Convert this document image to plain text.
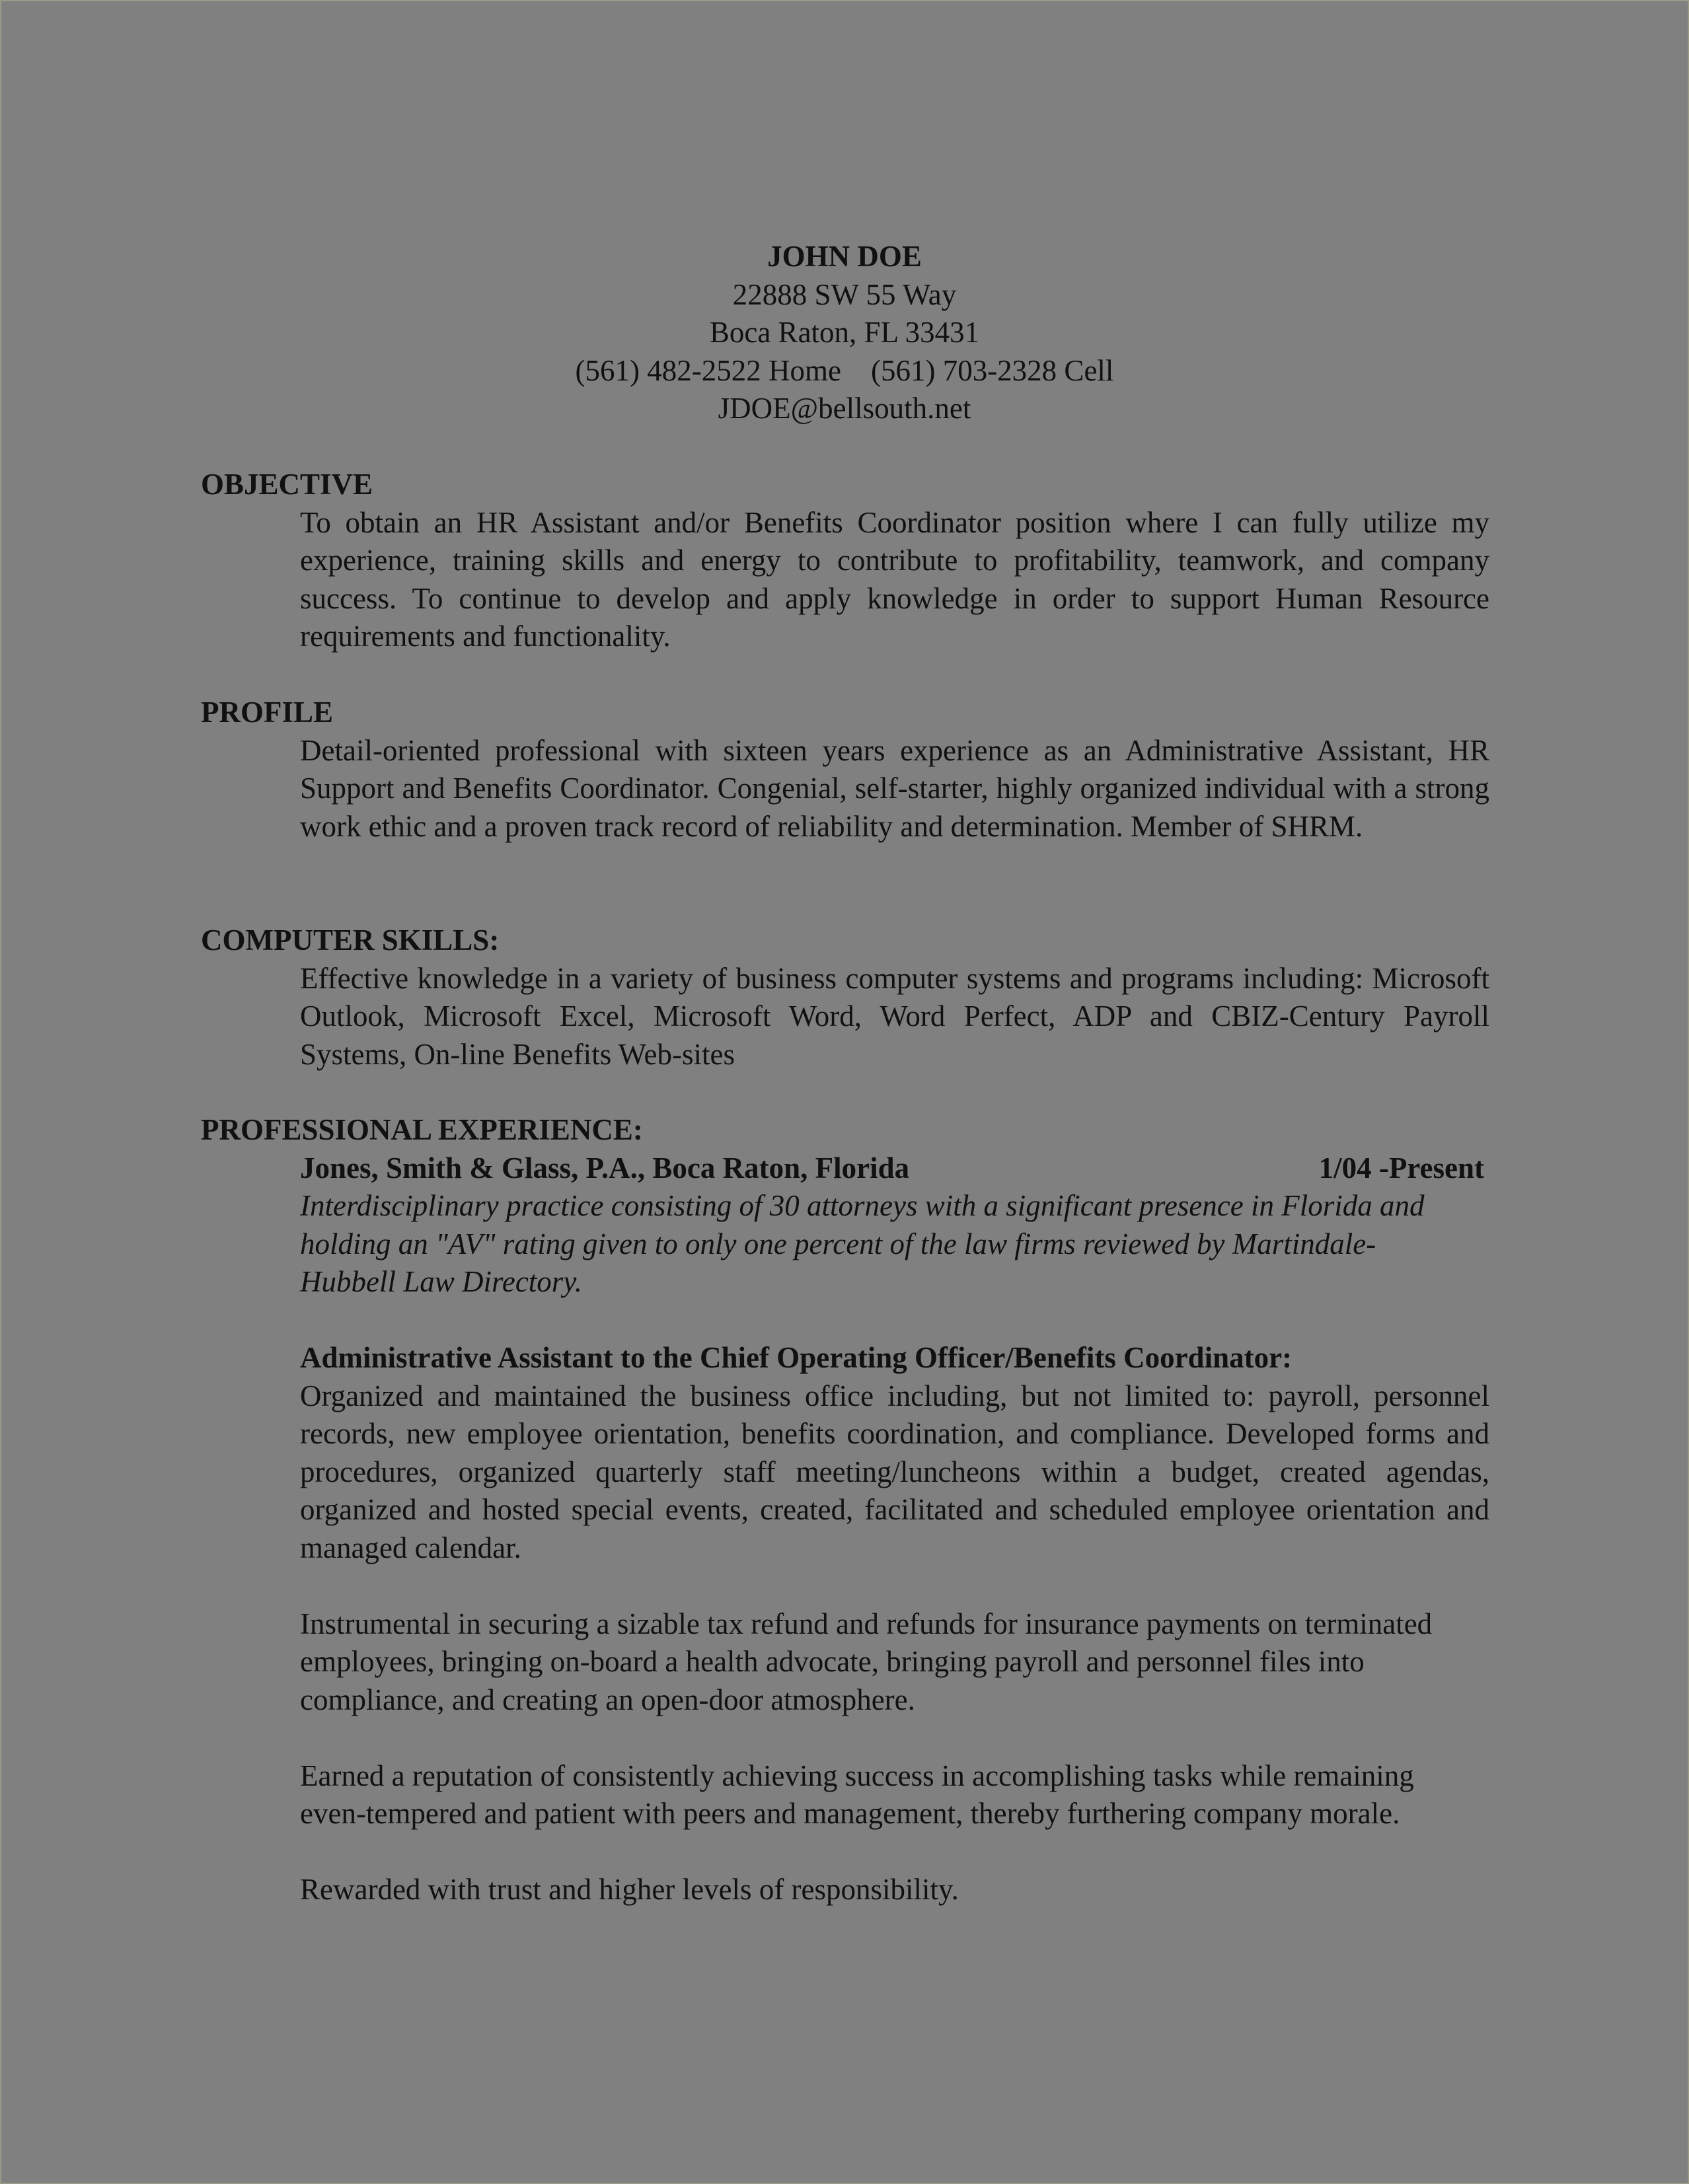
JOHN DOE
22888 SW 55 Way
Boca Raton, FL 33431
(561) 482-2522 Home    (561) 703-2328 Cell
JDOE@bellsouth.net
OBJECTIVE
To obtain an HR Assistant and/or Benefits Coordinator position where I can fully utilize my experience, training skills and energy to contribute to profitability, teamwork, and company success. To continue to develop and apply knowledge in order to support Human Resource requirements and functionality.
PROFILE
Detail-oriented professional with sixteen years experience as an Administrative Assistant, HR Support and Benefits Coordinator. Congenial, self-starter, highly organized individual with a strong work ethic and a proven track record of reliability and determination. Member of SHRM.
COMPUTER SKILLS:
Effective knowledge in a variety of business computer systems and programs including: Microsoft Outlook, Microsoft Excel, Microsoft Word, Word Perfect, ADP and CBIZ-Century Payroll Systems, On-line Benefits Web-sites
PROFESSIONAL EXPERIENCE:
Jones, Smith & Glass, P.A., Boca Raton, Florida	1/04 -Present
Interdisciplinary practice consisting of 30 attorneys with a significant presence in Florida and holding an "AV" rating given to only one percent of the law firms reviewed by Martindale-Hubbell Law Directory.
Administrative Assistant to the Chief Operating Officer/Benefits Coordinator:
Organized and maintained the business office including, but not limited to: payroll, personnel records, new employee orientation, benefits coordination, and compliance. Developed forms and procedures, organized quarterly staff meeting/luncheons within a budget, created agendas, organized and hosted special events, created, facilitated and scheduled employee orientation and managed calendar.
Instrumental in securing a sizable tax refund and refunds for insurance payments on terminated employees, bringing on-board a health advocate, bringing payroll and personnel files into compliance, and creating an open-door atmosphere.
Earned a reputation of consistently achieving success in accomplishing tasks while remaining even-tempered and patient with peers and management, thereby furthering company morale.
Rewarded with trust and higher levels of responsibility.
